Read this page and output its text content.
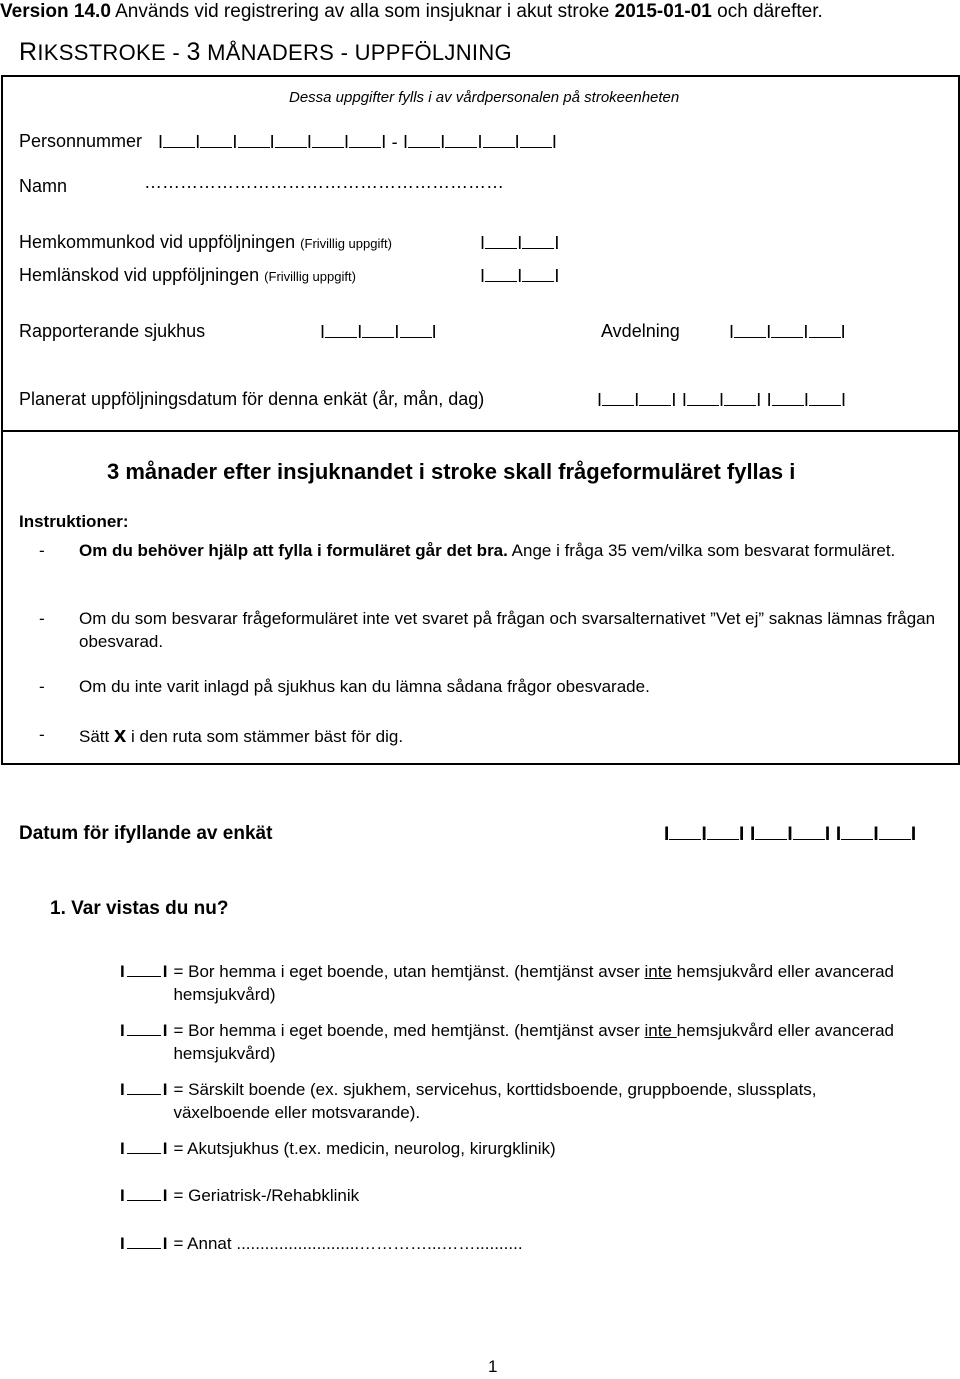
Version 14.0 Används vid registrering av alla som insjuknar i akut stroke 2015-01-01 och därefter.
RIKSSTROKE - 3 MÅNADERS - UPPFÖLJNING
Dessa uppgifter fylls i av vårdpersonalen på strokeenheten
Personnummer I I I I I I I - I I I I I
Namn	……………………………………………………
Hemkommunkod vid uppföljningen (Frivillig uppgift)	I I I
Hemlänskod vid uppföljningen (Frivillig uppgift)	I I I
Rapporterande sjukhus	I I I I	Avdelning	I I I I
Planerat uppföljningsdatum för denna enkät (år, mån, dag)	I I I I I I I I I
3 månader efter insjuknandet i stroke skall frågeformuläret fyllas i
Instruktioner:
-	Om du behöver hjälp att fylla i formuläret går det bra. Ange i fråga 35 vem/vilka som besvarat formuläret.
-	Om du som besvarar frågeformuläret inte vet svaret på frågan och svarsalternativet ”Vet ej” saknas lämnas frågan obesvarad.
-	Om du inte varit inlagd på sjukhus kan du lämna sådana frågor obesvarade.
-	Sätt x i den ruta som stämmer bäst för dig.
Datum för ifyllande av enkät	I I I I I I I I I
1. Var vistas du nu?
I I = Bor hemma i eget boende, utan hemtjänst. (hemtjänst avser inte hemsjukvård eller avancerad hemsjukvård)
I I = Bor hemma i eget boende, med hemtjänst. (hemtjänst avser inte hemsjukvård eller avancerad hemsjukvård)
I I = Särskilt boende (ex. sjukhem, servicehus, korttidsboende, gruppboende, slussplats, växelboende eller motsvarande).
I I = Akutsjukhus (t.ex. medicin, neurolog, kirurgklinik)
I I = Geriatrisk-/Rehabklinik
I I = Annat ..........................…………...……..........
1
